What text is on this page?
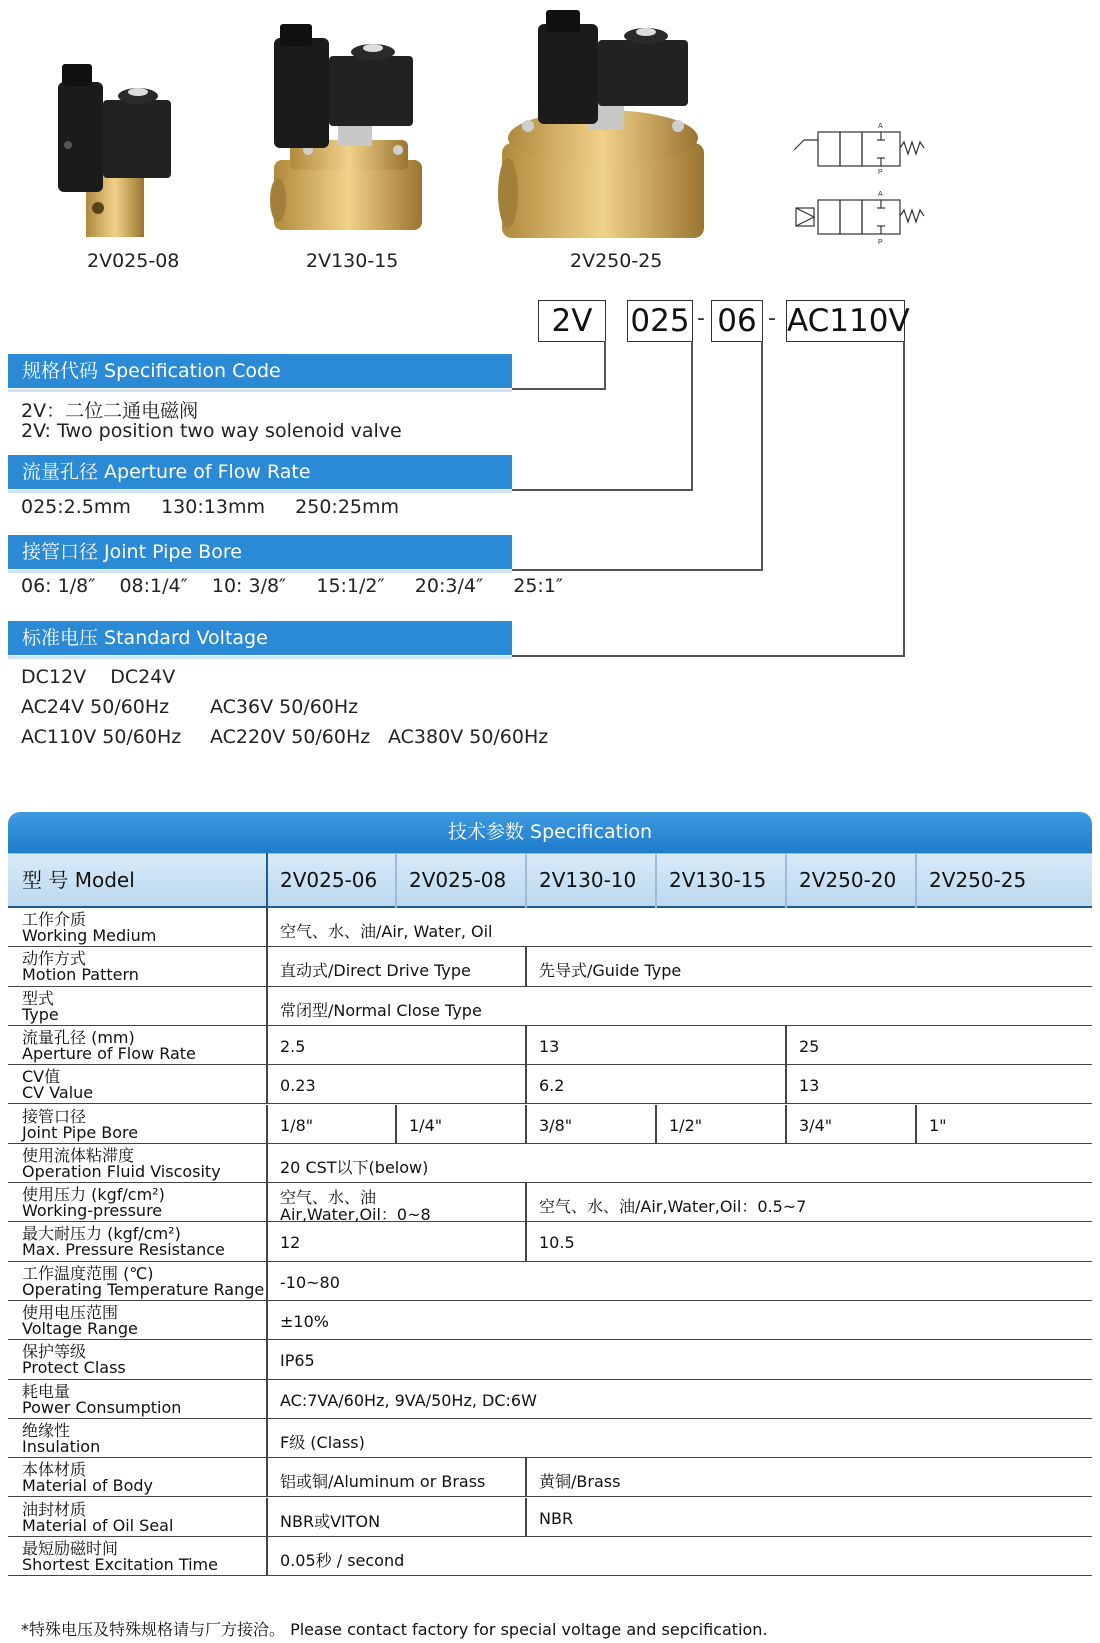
A
P
A
P
2V025-08	2V130-15	2V250-25
2V	025 - 06 - AC110V
规格代码 Specification Code
2V：二位二通电磁阀
2V: Two position two way solenoid valve
流量孔径 Aperture of Flow Rate
025:2.5mm     130:13mm     250:25mm
接管口径 Joint Pipe Bore
06: 1/8″    08:1/4″    10: 3/8″     15:1/2″     20:3/4″     25:1″
标准电压 Standard Voltage
DC12V    DC24V
AC24V 50/60Hz AC36V 50/60Hz
AC110V 50/60Hz AC220V 50/60Hz AC380V 50/60Hz
技术参数 Specification
型 号 Model	2V025-06	2V025-08	2V130-10	2V130-15	2V250-20	2V250-25
工作介质
Working Medium	空气、水、油/Air, Water, Oil
动作方式
Motion Pattern	直动式/Direct Drive Type	先导式/Guide Type
型式
Type	常闭型/Normal Close Type
流量孔径 (mm)
Aperture of Flow Rate	2.5	13	25
CV值
CV Value	0.23	6.2	13
接管口径
Joint Pipe Bore	1/8"	1/4"	3/8"	1/2"	3/4"	1"
使用流体粘滞度
Operation Fluid Viscosity	20 CST以下(below)
使用压力 (kgf/cm²)
Working-pressure
空气、水、油
Air,Water,Oil：0~8	空气、水、油/Air,Water,Oil：0.5~7
最大耐压力 (kgf/cm²)
Max. Pressure Resistance	12	10.5
工作温度范围 (℃)
Operating Temperature Range -10~80
使用电压范围
Voltage Range	±10%
保护等级
Protect Class	IP65
耗电量
Power Consumption	AC:7VA/60Hz, 9VA/50Hz, DC:6W
绝缘性
Insulation	F级 (Class)
本体材质
Material of Body	铝或铜/Aluminum or Brass	黄铜/Brass
油封材质
Material of Oil Seal	NBR或VITON	NBR
最短励磁时间
Shortest Excitation Time	0.05秒 / second
*特殊电压及特殊规格请与厂方接洽。 Please contact factory for special voltage and sepcification.
